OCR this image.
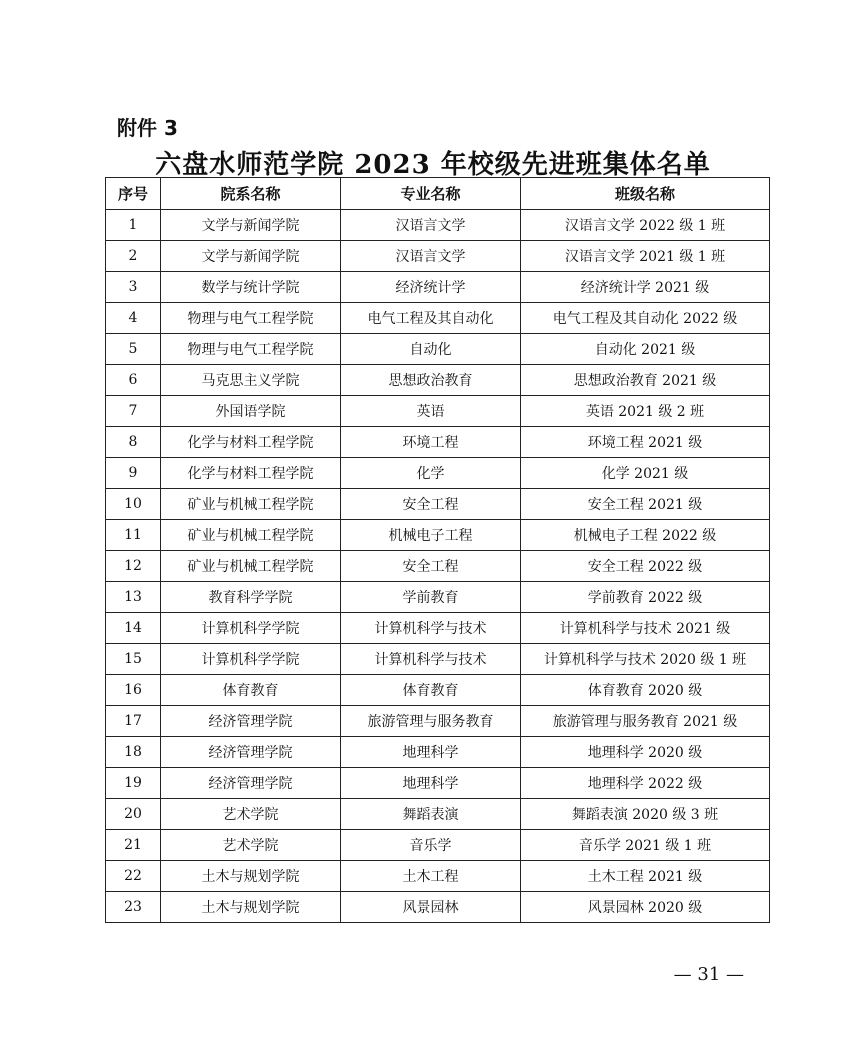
附件 3
六盘水师范学院 2023 年校级先进班集体名单
序号	院系名称	专业名称	班级名称
1	文学与新闻学院	汉语言文学	汉语言文学 2022 级 1 班
2	文学与新闻学院	汉语言文学	汉语言文学 2021 级 1 班
3	数学与统计学院	经济统计学	经济统计学 2021 级
4	物理与电气工程学院	电气工程及其自动化	电气工程及其自动化 2022 级
5	物理与电气工程学院	自动化	自动化 2021 级
6	马克思主义学院	思想政治教育	思想政治教育 2021 级
7	外国语学院	英语	英语 2021 级 2 班
8	化学与材料工程学院	环境工程	环境工程 2021 级
9	化学与材料工程学院	化学	化学 2021 级
10	矿业与机械工程学院	安全工程	安全工程 2021 级
11	矿业与机械工程学院	机械电子工程	机械电子工程 2022 级
12	矿业与机械工程学院	安全工程	安全工程 2022 级
13	教育科学学院	学前教育	学前教育 2022 级
14	计算机科学学院	计算机科学与技术	计算机科学与技术 2021 级
15	计算机科学学院	计算机科学与技术	计算机科学与技术 2020 级 1 班
16	体育教育	体育教育	体育教育 2020 级
17	经济管理学院	旅游管理与服务教育	旅游管理与服务教育 2021 级
18	经济管理学院	地理科学	地理科学 2020 级
19	经济管理学院	地理科学	地理科学 2022 级
20	艺术学院	舞蹈表演	舞蹈表演 2020 级 3 班
21	艺术学院	音乐学	音乐学 2021 级 1 班
22	土木与规划学院	土木工程	土木工程 2021 级
23	土木与规划学院	风景园林	风景园林 2020 级
— 31 —
